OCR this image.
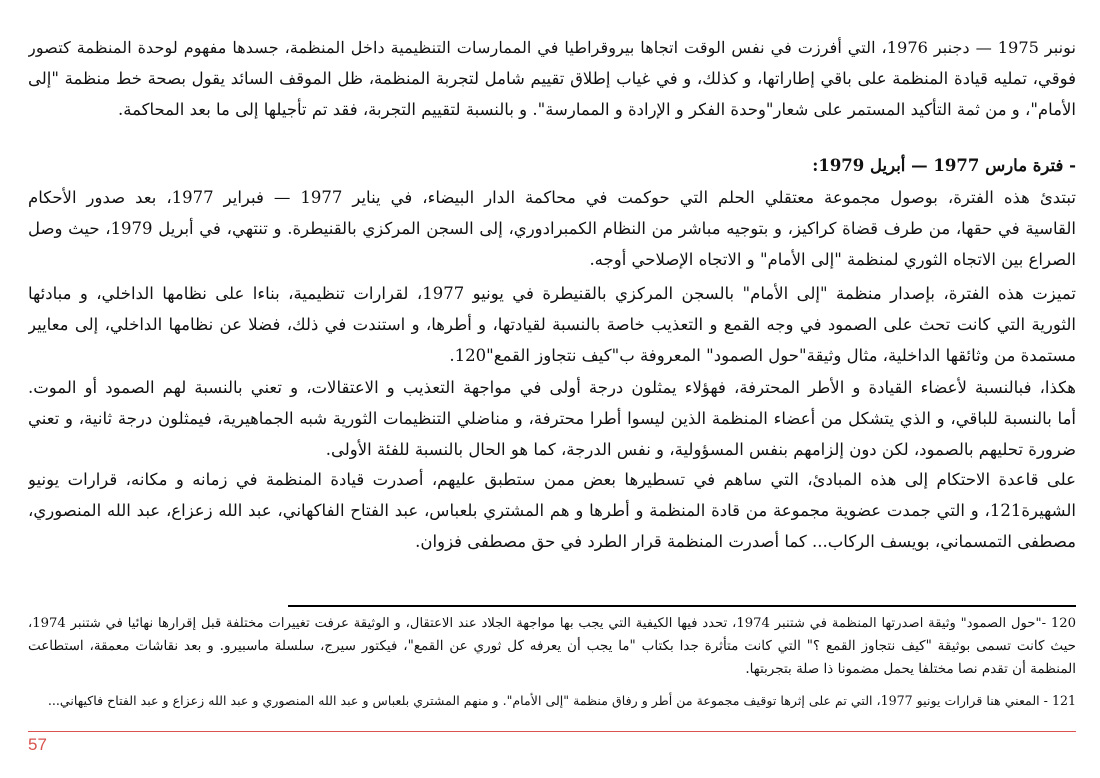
نونبر 1975 — دجنبر 1976، التي أفرزت في نفس الوقت اتجاها بيروقراطيا في الممارسات التنظيمية داخل المنظمة، جسدها مفهوم لوحدة المنظمة كتصور
فوقي، تمليه قيادة المنظمة على باقي إطاراتها، و كذلك، و في غياب إطلاق تقييم شامل لتجربة المنظمة، ظل الموقف السائد يقول بصحة خط منظمة "إلى
الأمام"، و من ثمة التأكيد المستمر على شعار"وحدة الفكر و الإرادة و الممارسة". و بالنسبة لتقييم التجربة، فقد تم تأجيلها إلى ما بعد المحاكمة.
- فترة مارس 1977 — أبريل 1979:
تبتدئ هذه الفترة، بوصول مجموعة معتقلي الحلم التي حوكمت في محاكمة الدار البيضاء، في يناير 1977 — فبراير 1977، بعد صدور الأحكام
القاسية في حقها، من طرف قضاة كراكيز، و بتوجيه مباشر من النظام الكمبرادوري، إلى السجن المركزي بالقنيطرة. و تنتهي، في أبريل 1979، حيث وصل
الصراع بين الاتجاه الثوري لمنظمة "إلى الأمام" و الاتجاه الإصلاحي أوجه.
تميزت هذه الفترة، بإصدار منظمة "إلى الأمام" بالسجن المركزي بالقنيطرة في يونيو 1977، لقرارات تنظيمية، بناءا على نظامها الداخلي، و مبادئها
الثورية التي كانت تحث على الصمود في وجه القمع و التعذيب خاصة بالنسبة لقيادتها، و أطرها، و استندت في ذلك، فضلا عن نظامها الداخلي، إلى معايير
مستمدة من وثائقها الداخلية، مثال وثيقة"حول الصمود" المعروفة ب"كيف نتجاوز القمع"120.
هكذا، فبالنسبة لأعضاء القيادة و الأطر المحترفة، فهؤلاء يمثلون درجة أولى في مواجهة التعذيب و الاعتقالات، و تعني بالنسبة لهم الصمود أو الموت.
أما بالنسبة للباقي، و الذي يتشكل من أعضاء المنظمة الذين ليسوا أطرا محترفة، و مناضلي التنظيمات الثورية شبه الجماهيرية، فيمثلون درجة ثانية، و تعني
ضرورة تحليهم بالصمود، لكن دون إلزامهم بنفس المسؤولية، و نفس الدرجة، كما هو الحال بالنسبة للفئة الأولى.
على قاعدة الاحتكام إلى هذه المبادئ، التي ساهم في تسطيرها بعض ممن ستطبق عليهم، أصدرت قيادة المنظمة في زمانه و مكانه، قرارات يونيو
الشهيرة121، و التي جمدت عضوية مجموعة من قادة المنظمة و أطرها و هم المشتري بلعباس، عبد الفتاح الفاكهاني، عبد الله زعزاع، عبد الله المنصوري،
مصطفى التمسماني، بويسف الركاب... كما أصدرت المنظمة قرار الطرد في حق مصطفى فزوان.
120 -"حول الصمود" وثيقة اصدرتها المنظمة في شتنبر 1974، تحدد فيها الكيفية التي يجب بها مواجهة الجلاد عند الاعتقال، و الوثيقة عرفت تغييرات مختلفة قبل إقرارها نهائيا في شتنبر 1974،
حيث كانت تسمى بوثيقة "كيف نتجاوز القمع ؟" التي كانت متأثرة جدا بكتاب "ما يجب أن يعرفه كل ثوري عن القمع"، فيكتور سيرج، سلسلة ماسبيرو. و بعد نقاشات معمقة، استطاعت
المنظمة أن تقدم نصا مختلفا يحمل مضمونا ذا صلة بتجربتها.
121 - المعني هنا قرارات يونيو 1977، التي تم على إثرها توقيف مجموعة من أطر و رفاق منظمة "إلى الأمام". و منهم المشتري بلعباس و عبد الله المنصوري و عبد الله زعزاع و عبد الفتاح فاكيهاني...
57
